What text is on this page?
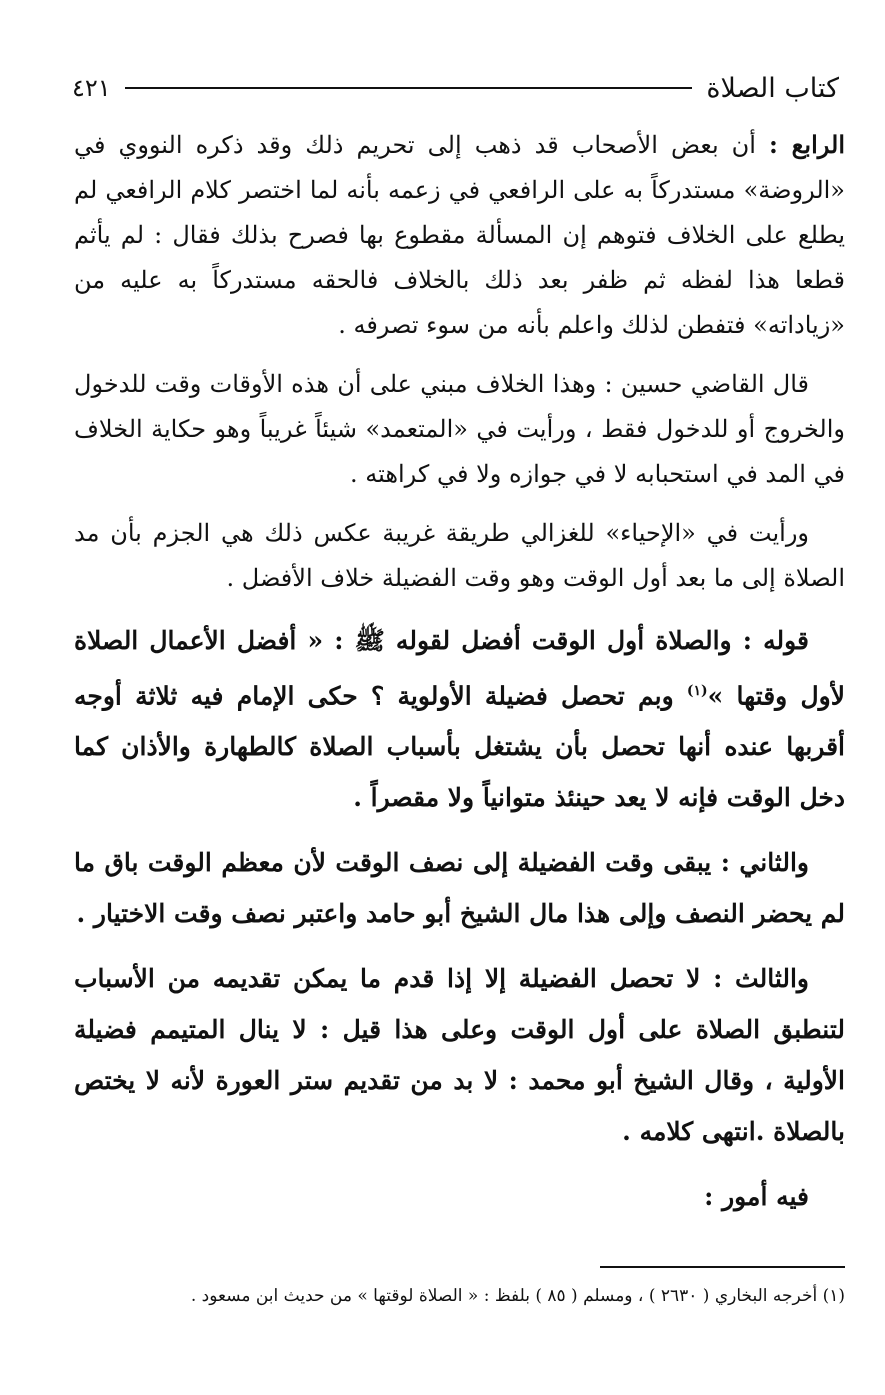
كتاب الصلاة
٤٢١

الرابع : أن بعض الأصحاب قد ذهب إلى تحريم ذلك وقد ذكره النووي في «الروضة» مستدركاً به على الرافعي في زعمه بأنه لما اختصر كلام الرافعي لم يطلع على الخلاف فتوهم إن المسألة مقطوع بها فصرح بذلك فقال : لم يأثم قطعا هذا لفظه ثم ظفر بعد ذلك بالخلاف فالحقه مستدركاً به عليه من «زياداته» فتفطن لذلك واعلم بأنه من سوء تصرفه .

قال القاضي حسين : وهذا الخلاف مبني على أن هذه الأوقات وقت للدخول والخروج أو للدخول فقط ، ورأيت في «المتعمد» شيئاً غريباً وهو حكاية الخلاف في المد في استحبابه لا في جوازه ولا في كراهته .

ورأيت في «الإحياء» للغزالي طريقة غريبة عكس ذلك هي الجزم بأن مد الصلاة إلى ما بعد أول الوقت وهو وقت الفضيلة خلاف الأفضل .

قوله : والصلاة أول الوقت أفضل لقوله ﷺ : « أفضل الأعمال الصلاة لأول وقتها »$^{(١)}$ وبم تحصل فضيلة الأولوية ؟ حكى الإمام فيه ثلاثة أوجه أقربها عنده أنها تحصل بأن يشتغل بأسباب الصلاة كالطهارة والأذان كما دخل الوقت فإنه لا يعد حينئذ متوانياً ولا مقصراً .

والثاني : يبقى وقت الفضيلة إلى نصف الوقت لأن معظم الوقت باق ما لم يحضر النصف وإلى هذا مال الشيخ أبو حامد واعتبر نصف وقت الاختيار .

والثالث : لا تحصل الفضيلة إلا إذا قدم ما يمكن تقديمه من الأسباب لتنطبق الصلاة على أول الوقت وعلى هذا قيل : لا ينال المتيمم فضيلة الأولية ، وقال الشيخ أبو محمد : لا بد من تقديم ستر العورة لأنه لا يختص بالصلاة .انتهى كلامه .

فيه أمور :

(١) أخرجه البخاري ( ٢٦٣٠ ) ، ومسلم ( ٨٥ ) بلفظ : « الصلاة لوقتها » من حديث ابن مسعود .
